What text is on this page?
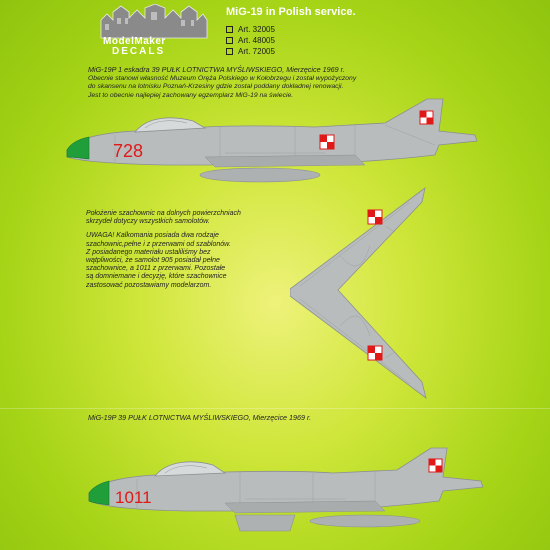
ModelMaker
DECALS
MiG-19 in Polish service.
Art. 32005
Art. 48005
Art. 72005

MiG-19P 1 eskadra 39 PUŁK LOTNICTWA MYŚLIWSKIEGO, Mierzęcice 1969 r.

Obecnie stanowi własność Muzeum Oręża Polskiego w Kołobrzegu i został wypożyczony
do skansenu na lotnisku Poznań-Krzesiny gdzie został poddany dokładnej renowacji.
Jest to obecnie najlepiej zachowany egzemplarz MiG-19 na świecie.
728

Położenie szachownic na dolnych powierzchniach
skrzydeł dotyczy wszystkich samolotów.

UWAGA! Kalkomania posiada dwa rodzaje
szachownic,pełne i z przerwami od szablonów.
Z posiadanego materiału ustaliliśmy bez
wątpliwości, że samolot 905 posiadał pełne
szachownice, a 1011 z przerwami. Pozostałe
są domniemane i decyzję, które szachownice
zastosować pozostawiamy modelarzom.

MiG-19P 39 PUŁK LOTNICTWA MYŚLIWSKIEGO, Mierzęcice 1969 r.

1011
